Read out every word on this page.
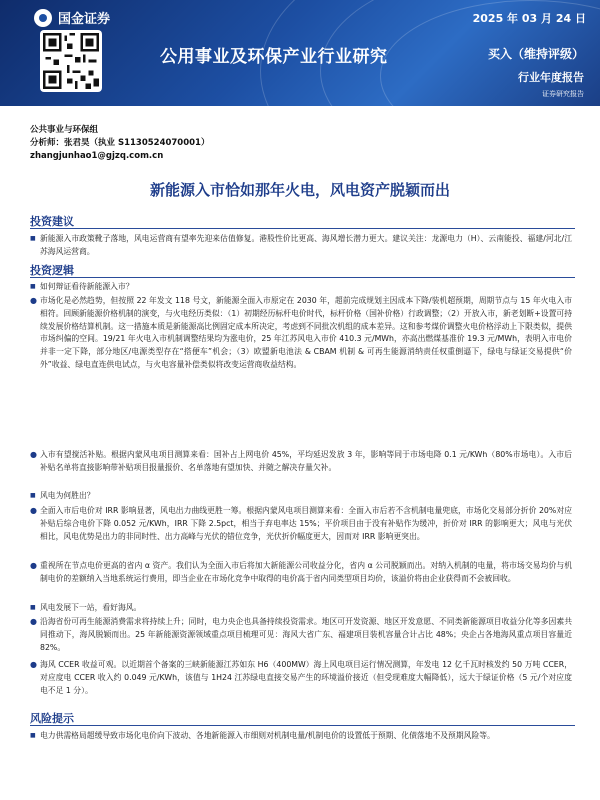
国金证券	2025 年 03 月 24 日
公用事业及环保产业行业研究	买入（维持评级）
行业年度报告
证券研究报告
公共事业与环保组
分析师：张君昊（执业 S1130524070001）
zhangjunhao1@gjzq.com.cn
新能源入市恰如那年火电，风电资产脱颖而出
投资建议
■ 新能源入市政策靴子落地，风电运营商有望率先迎来估值修复。港股性价比更高、海风增长潜力更大。建议关注：龙源电力（H）、云南能投、福建/河北/江苏海风运营商。
投资逻辑
■ 如何辩证看待新能源入市？
● 市场化是必然趋势，但按照 22 年发文 118 号文，新能源全面入市原定在 2030 年，超前完成规划主因成本下降/装机超预期，周期节点与 15 年火电入市相符。回顾新能源价格机制的演变，与火电经历类似：（1）初期经历标杆电价时代，标杆价格（国补价格）行政调整；（2）开放入市，新老划断+设置可持续发展价格结算机制。这一措施本质是新能源高比例固定成本所决定，考虑到不同批次机组的成本差异。这和参考煤价调整火电价格浮动上下限类似，提供市场纠偏的空间。19/21 年火电入市机制调整结果均为涨电价，25 年江苏风电入市价 410.3 元/MWh，亦高出燃煤基准价 19.3 元/MWh，表明入市电价并非一定下降，部分地区/电源类型存在“搭便车”机会；（3）欧盟新电池法 & CBAM 机制 & 可再生能源消纳责任权重倒逼下，绿电与绿证交易提供“价外”收益、绿电直连供电试点，与火电容量补偿类似将改变运营商收益结构。
● 入市有望搅活补贴。根据内蒙风电项目测算来看：国补占上网电价 45%，平均延迟发放 3 年，影响等同于市场电降 0.1 元/KWh（80%市场电）。入市后补贴名单将直接影响带补贴项目报量报价、名单落地有望加快、并随之解决存量欠补。
■ 风电为何胜出？
● 全面入市后电价对 IRR 影响显著，风电出力曲线更胜一筹。根据内蒙风电项目测算来看：全面入市后若不含机制电量兜底，市场化交易部分折价 20%对应补贴后综合电价下降 0.052 元/KWh，IRR 下降 2.5pct，相当于弃电率达 15%；平价项目由于没有补贴作为缓冲，折价对 IRR 的影响更大；风电与光伏相比，风电优势是出力的非同时性、出力高峰与光伏的错位竞争，光伏折价幅度更大，因而对 IRR 影响更突出。
● 重视所在节点电价更高的省内 α 资产。我们认为全面入市后将加大新能源公司收益分化，省内 α 公司脱颖而出。对纳入机制的电量，将市场交易均价与机制电价的差额纳入当地系统运行费用，即当企业在市场化竞争中取得的电价高于省内同类型项目均价，该溢价将由企业获得而不会被回收。
■ 风电发展下一站，看好海风。
● 沿海省份可再生能源消费需求将持续上升；同时，电力央企也具备持续投资需求。地区可开发资源、地区开发意愿、不同类新能源项目收益分化等多因素共同推动下，海风脱颖而出。25 年新能源资源领域重点项目梳理可见：海风大省广东、福建项目装机容量合计占比 48%；央企占各地海风重点项目容量近 82%。
● 海风 CCER 收益可观。以近期首个备案的三峡新能源江苏如东 H6（400MW）海上风电项目运行情况测算，年发电 12 亿千瓦时核发约 50 万吨 CCER，对应度电 CCER 收入约 0.049 元/KWh，该值与 1H24 江苏绿电直接交易产生的环境溢价接近（但受现难度大幅降低），远大于绿证价格（5 元/个对应度电不足 1 分）。
风险提示
■ 电力供需格局超缓导致市场化电价向下波动、各地新能源入市细则对机制电量/机制电价的设置低于预期、化债落地不及预期风险等。
